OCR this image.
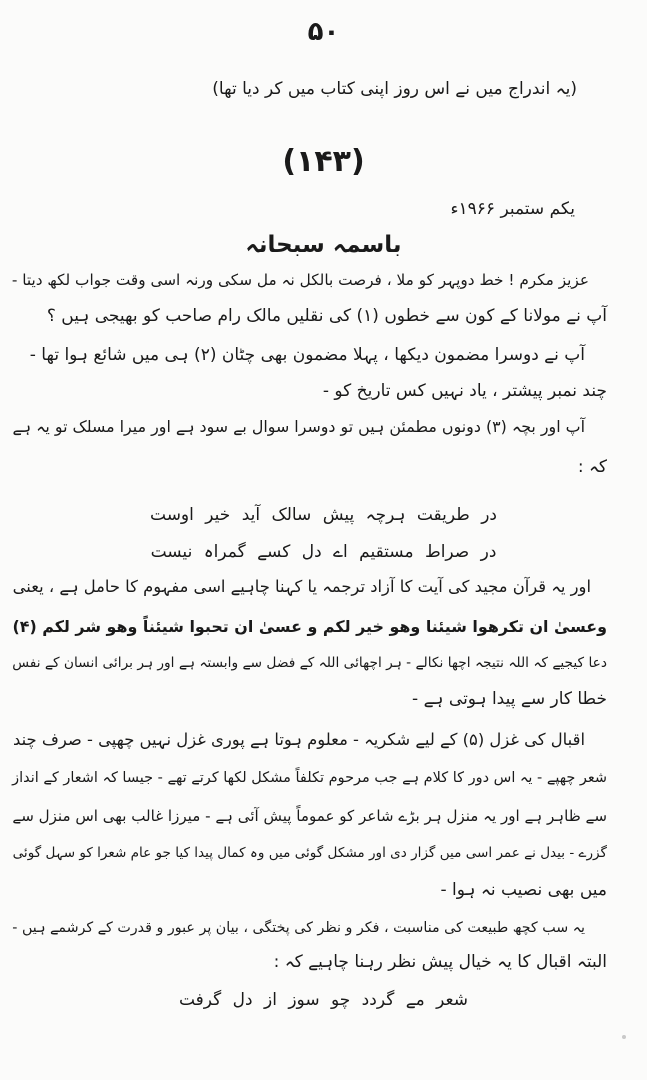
۵۰
(یہ اندراج میں نے اس روز اپنی کتاب میں کر دیا تھا)
(۱۴۳)
یکم ستمبر ۱۹۶۶ء
باسمہ سبحانہ
عزیز مکرم ! خط دوپہر کو ملا ، فرصت بالکل نہ مل سکی ورنہ اسی وقت جواب لکھ دیتا -
آپ نے مولانا کے کون سے خطوں (۱) کی نقلیں مالک رام صاحب کو بھیجی ہیں ؟
آپ نے دوسرا مضمون دیکھا ، پہلا مضمون بھی چٹان (۲) ہی میں شائع ہوا تھا -
چند نمبر پیشتر ، یاد نہیں کس تاریخ کو -
آپ اور بچہ (۳) دونوں مطمئن ہیں تو دوسرا سوال بے سود ہے اور میرا مسلک تو یہ ہے
کہ :
در طریقت ہرچہ پیش سالک آید خیر اوست
در صراط مستقیم اے دل کسے گمراہ نیست
اور یہ قرآن مجید کی آیت کا آزاد ترجمہ یا کہنا چاہیے اسی مفہوم کا حامل ہے ، یعنی
وعسیٰ ان تکرھوا شیئنا وھو خیر لکم و عسیٰ ان تحبوا شیئناً وھو شر لکم (۴)
دعا کیجیے کہ اللہ نتیجہ اچھا نکالے - ہر اچھائی اللہ کے فضل سے وابستہ ہے اور ہر برائی انسان کے نفس
خطا کار سے پیدا ہوتی ہے -
اقبال کی غزل (۵) کے لیے شکریہ - معلوم ہوتا ہے پوری غزل نہیں چھپی - صرف چند
شعر چھپے - یہ اس دور کا کلام ہے جب مرحوم تکلفاً مشکل لکھا کرتے تھے - جیسا کہ اشعار کے انداز
سے ظاہر ہے اور یہ منزل ہر بڑے شاعر کو عموماً پیش آئی ہے - میرزا غالب بھی اس منزل سے
گزرے - بیدل نے عمر اسی میں گزار دی اور مشکل گوئی میں وہ کمال پیدا کیا جو عام شعرا کو سہل گوئی
میں بھی نصیب نہ ہوا -
یہ سب کچھ طبیعت کی مناسبت ، فکر و نظر کی پختگی ، بیان پر عبور و قدرت کے کرشمے ہیں -
البتہ اقبال کا یہ خیال پیش نظر رہنا چاہیے کہ :
شعر مے گردد چو سوز از دل گرفت
